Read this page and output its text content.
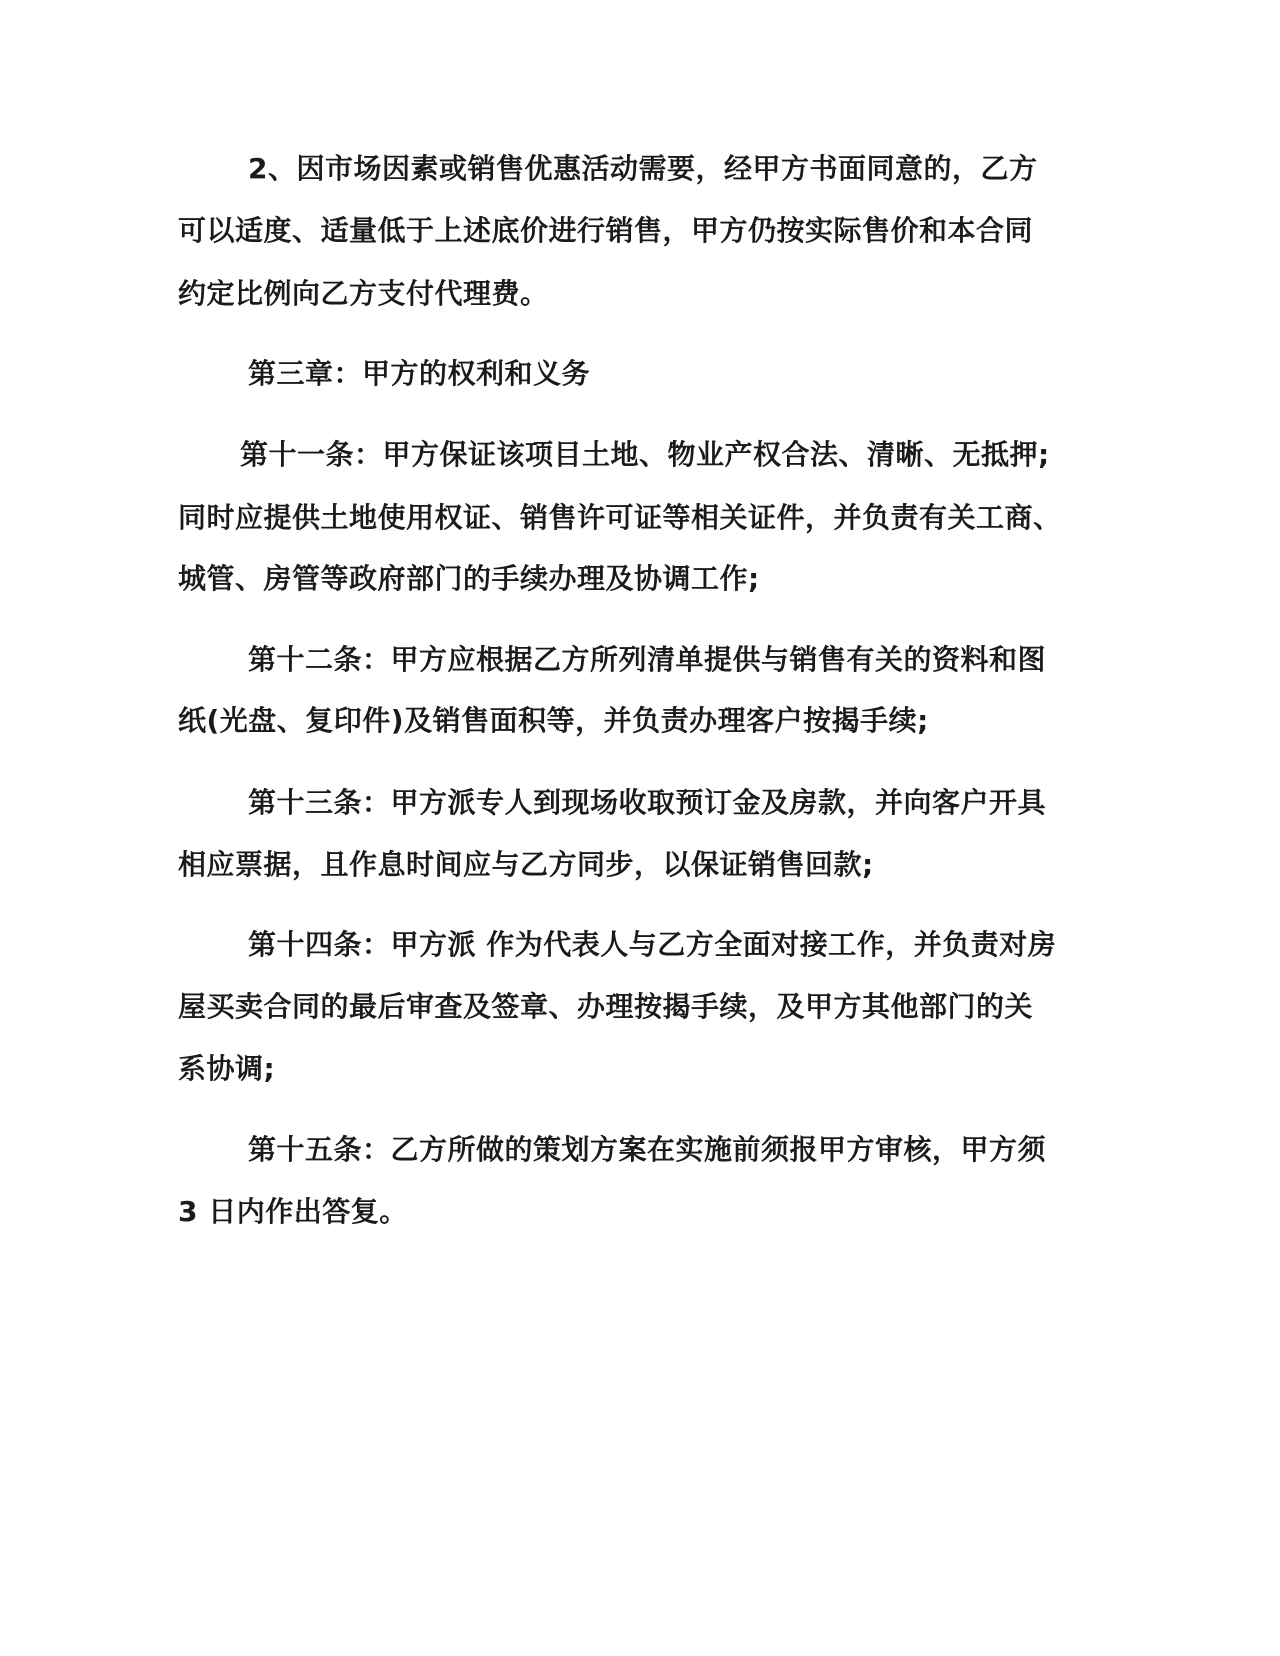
2、因市场因素或销售优惠活动需要，经甲方书面同意的，乙方
可以适度、适量低于上述底价进行销售，甲方仍按实际售价和本合同
约定比例向乙方支付代理费。
第三章：甲方的权利和义务
第十一条：甲方保证该项目土地、物业产权合法、清晰、无抵押;
同时应提供土地使用权证、销售许可证等相关证件，并负责有关工商、
城管、房管等政府部门的手续办理及协调工作;
第十二条：甲方应根据乙方所列清单提供与销售有关的资料和图
纸(光盘、复印件)及销售面积等，并负责办理客户按揭手续;
第十三条：甲方派专人到现场收取预订金及房款，并向客户开具
相应票据，且作息时间应与乙方同步，以保证销售回款;
第十四条：甲方派 作为代表人与乙方全面对接工作，并负责对房
屋买卖合同的最后审查及签章、办理按揭手续，及甲方其他部门的关
系协调;
第十五条：乙方所做的策划方案在实施前须报甲方审核，甲方须
3 日内作出答复。
